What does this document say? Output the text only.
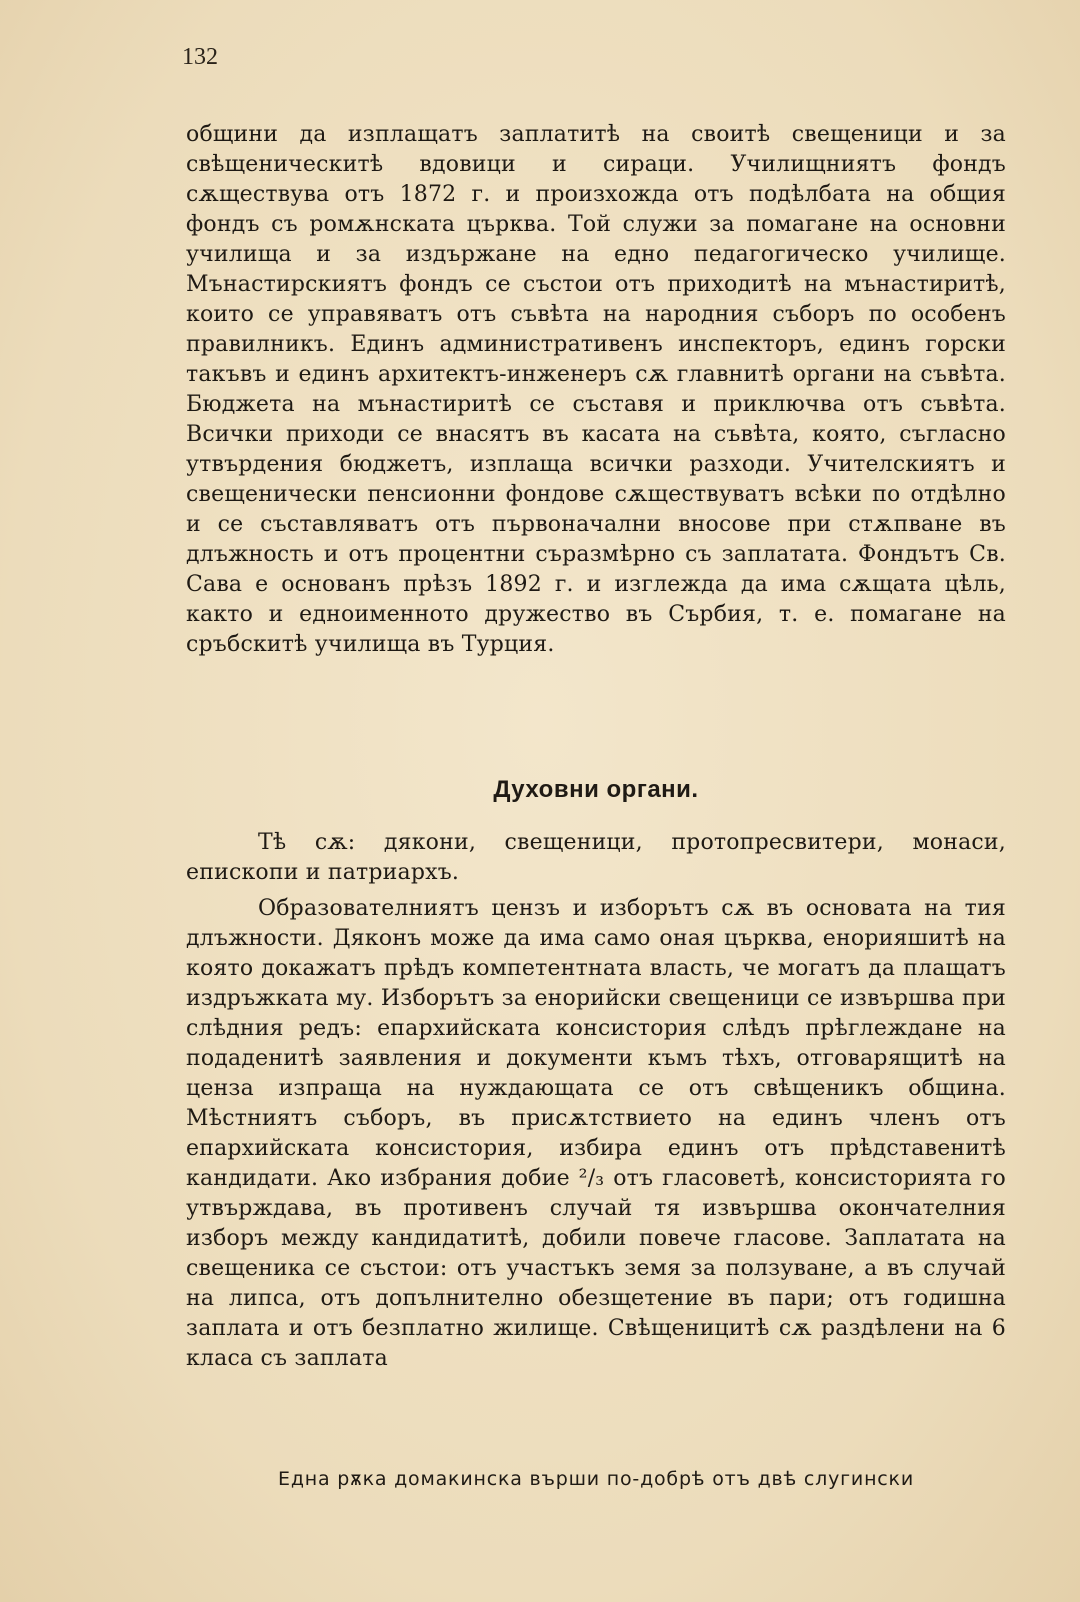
132

общини да изплащатъ заплатитѣ на своитѣ свещеници и за свѣщеническитѣ вдовици и сираци. Училищниятъ фондъ сѫществува отъ 1872 г. и произхожда отъ подѣлбата на общия фондъ съ ромѫнската църква. Той служи за помагане на основни училища и за издържане на едно педагогическо училище. Мънастирскиятъ фондъ се състои отъ приходитѣ на мънастиритѣ, които се управяватъ отъ съвѣта на народния съборъ по особенъ правилникъ. Единъ административенъ инспекторъ, единъ горски такъвъ и единъ архитектъ-инженеръ сѫ главнитѣ органи на съвѣта. Бюджета на мънастиритѣ се съставя и приключва отъ съвѣта. Всички приходи се внасятъ въ касата на съвѣта, която, съгласно утвърдения бюджетъ, изплаща всички разходи. Учителскиятъ и свещенически пенсионни фондове сѫществуватъ всѣки по отдѣлно и се съставляватъ отъ първоначални вносове при стѫпване въ длъжность и отъ процентни съразмѣрно съ заплатата. Фондътъ Св. Сава е основанъ прѣзъ 1892 г. и изглежда да има сѫщата цѣль, както и едноименното дружество въ Сърбия, т. е. помагане на сръбскитѣ училища въ Турция.

Духовни органи.

Тѣ сѫ: дякони, свещеници, протопресвитери, монаси, епископи и патриархъ.

Образователниятъ цензъ и изборътъ сѫ въ основата на тия длъжности. Дяконъ може да има само оная църква, енорияшитѣ на която докажатъ прѣдъ компетентната власть, че могатъ да плащатъ издръжката му. Изборътъ за енорийски свещеници се извършва при слѣдния редъ: епархийската консистория слѣдъ прѣглеждане на подаденитѣ заявления и документи къмъ тѣхъ, отговарящитѣ на ценза изпраща на нуждающата се отъ свѣщеникъ община. Мѣстниятъ съборъ, въ присѫтствието на единъ членъ отъ епархийската консистория, избира единъ отъ прѣдставенитѣ кандидати. Ако избрания добие ²/₃ отъ гласоветѣ, консисторията го утвърждава, въ противенъ случай тя извършва окончателния изборъ между кандидатитѣ, добили повече гласове. Заплатата на свещеника се състои: отъ участъкъ земя за ползуване, а въ случай на липса, отъ допълнително обезщетение въ пари; отъ годишна заплата и отъ безплатно жилище. Свѣщеницитѣ сѫ раздѣлени на 6 класа съ заплата

Една рѫка домакинска върши по-добрѣ отъ двѣ слугински
